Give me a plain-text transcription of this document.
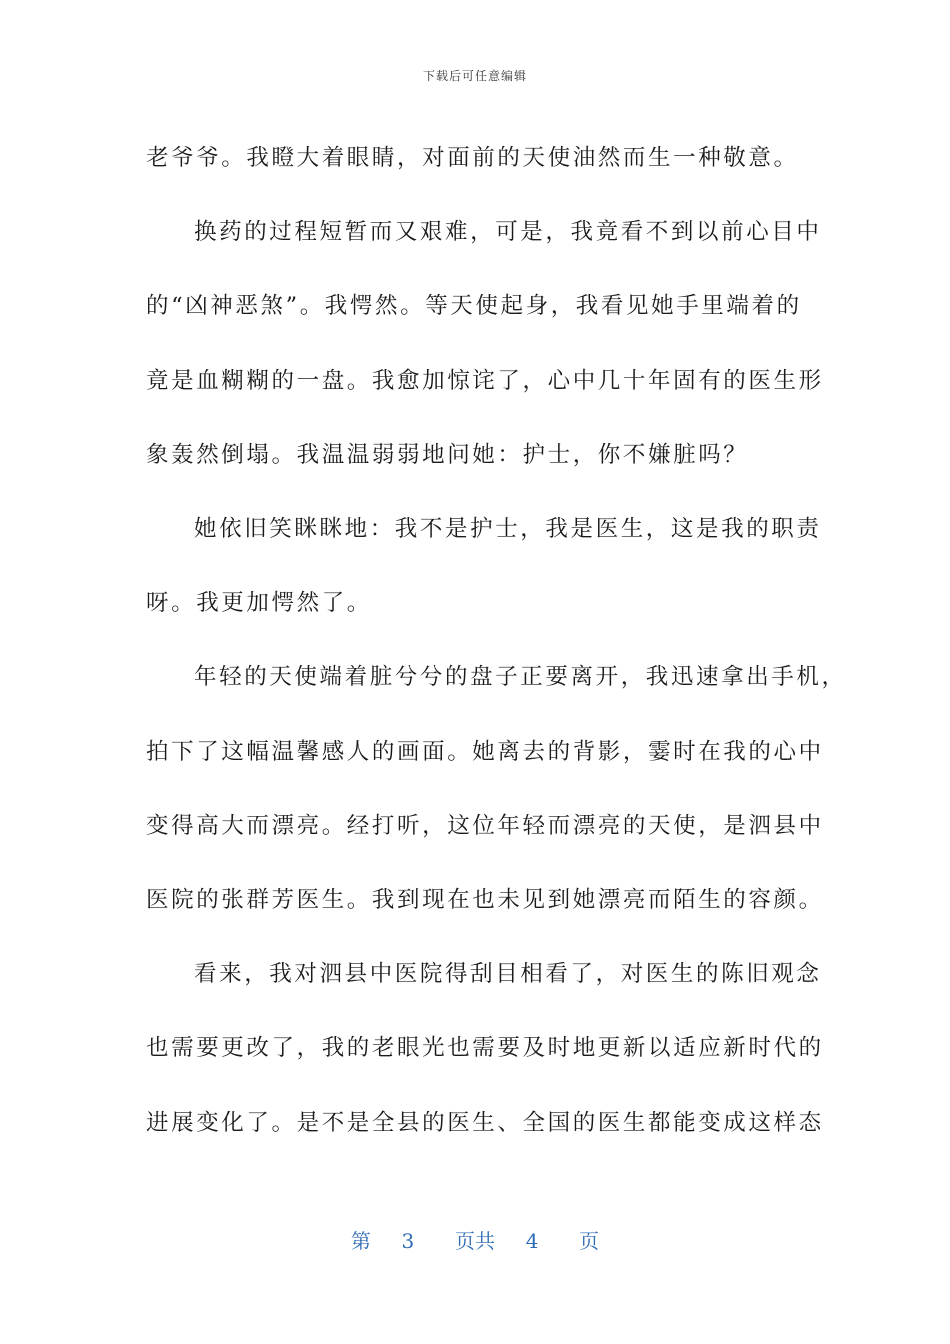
下载后可任意编辑
老爷爷。我瞪大着眼睛，对面前的天使油然而生一种敬意。
换药的过程短暂而又艰难，可是，我竟看不到以前心目中
的“凶神恶煞”。我愕然。等天使起身，我看见她手里端着的
竟是血糊糊的一盘。我愈加惊诧了，心中几十年固有的医生形
象轰然倒塌。我温温弱弱地问她：护士，你不嫌脏吗？
她依旧笑眯眯地：我不是护士，我是医生，这是我的职责
呀。我更加愕然了。
年轻的天使端着脏兮兮的盘子正要离开，我迅速拿出手机，
拍下了这幅温馨感人的画面。她离去的背影，霎时在我的心中
变得高大而漂亮。经打听，这位年轻而漂亮的天使，是泗县中
医院的张群芳医生。我到现在也未见到她漂亮而陌生的容颜。
看来，我对泗县中医院得刮目相看了，对医生的陈旧观念
也需要更改了，我的老眼光也需要及时地更新以适应新时代的
进展变化了。是不是全县的医生、全国的医生都能变成这样态
第 3 页共 4 页
